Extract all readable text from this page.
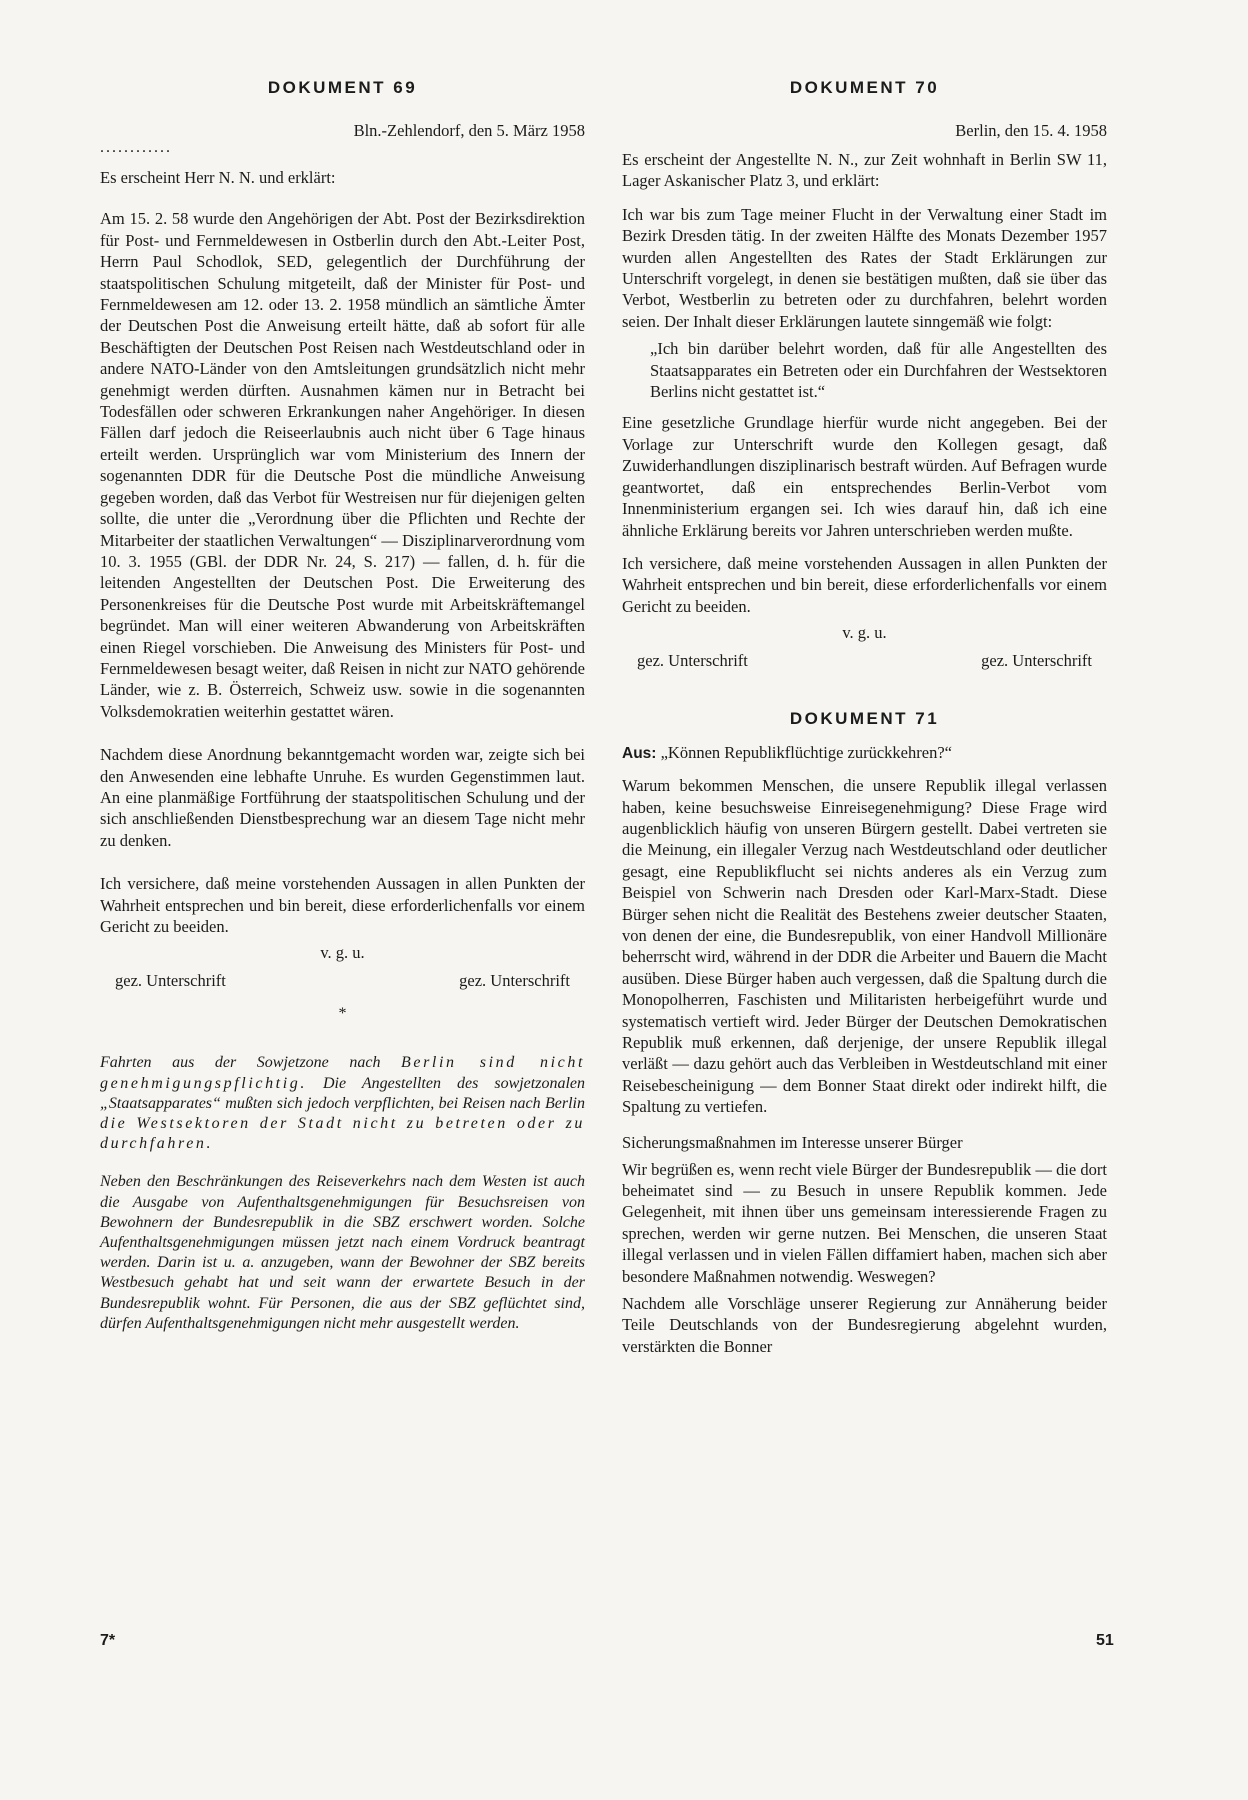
DOKUMENT 69

Bln.-Zehlendorf, den 5. März 1958

............

Es erscheint Herr N. N. und erklärt:

Am 15. 2. 58 wurde den Angehörigen der Abt. Post der Bezirksdirektion für Post- und Fernmeldewesen in Ostberlin durch den Abt.-Leiter Post, Herrn Paul Schodlok, SED, gelegentlich der Durchführung der staatspolitischen Schulung mitgeteilt, daß der Minister für Post- und Fernmeldewesen am 12. oder 13. 2. 1958 mündlich an sämtliche Ämter der Deutschen Post die Anweisung erteilt hätte, daß ab sofort für alle Beschäftigten der Deutschen Post Reisen nach Westdeutschland oder in andere NATO-Länder von den Amtsleitungen grundsätzlich nicht mehr genehmigt werden dürften. Ausnahmen kämen nur in Betracht bei Todesfällen oder schweren Erkrankungen naher Angehöriger. In diesen Fällen darf jedoch die Reiseerlaubnis auch nicht über 6 Tage hinaus erteilt werden. Ursprünglich war vom Ministerium des Innern der sogenannten DDR für die Deutsche Post die mündliche Anweisung gegeben worden, daß das Verbot für Westreisen nur für diejenigen gelten sollte, die unter die „Verordnung über die Pflichten und Rechte der Mitarbeiter der staatlichen Verwaltungen“ — Disziplinarverordnung vom 10. 3. 1955 (GBl. der DDR Nr. 24, S. 217) — fallen, d. h. für die leitenden Angestellten der Deutschen Post. Die Erweiterung des Personenkreises für die Deutsche Post wurde mit Arbeitskräftemangel begründet. Man will einer weiteren Abwanderung von Arbeitskräften einen Riegel vorschieben. Die Anweisung des Ministers für Post- und Fernmeldewesen besagt weiter, daß Reisen in nicht zur NATO gehörende Länder, wie z. B. Österreich, Schweiz usw. sowie in die sogenannten Volksdemokratien weiterhin gestattet wären.

Nachdem diese Anordnung bekanntgemacht worden war, zeigte sich bei den Anwesenden eine lebhafte Unruhe. Es wurden Gegenstimmen laut. An eine planmäßige Fortführung der staatspolitischen Schulung und der sich anschließenden Dienstbesprechung war an diesem Tage nicht mehr zu denken.

Ich versichere, daß meine vorstehenden Aussagen in allen Punkten der Wahrheit entsprechen und bin bereit, diese erforderlichenfalls vor einem Gericht zu beeiden.

v. g. u.
gez. Unterschrift	gez. Unterschrift
*

Fahrten aus der Sowjetzone nach Berlin sind nicht genehmigungspflichtig. Die Angestellten des sowjetzonalen „Staatsapparates“ mußten sich jedoch verpflichten, bei Reisen nach Berlin die Westsektoren der Stadt nicht zu betreten oder zu durchfahren.

Neben den Beschränkungen des Reiseverkehrs nach dem Westen ist auch die Ausgabe von Aufenthaltsgenehmigungen für Besuchsreisen von Bewohnern der Bundesrepublik in die SBZ erschwert worden. Solche Aufenthaltsgenehmigungen müssen jetzt nach einem Vordruck beantragt werden. Darin ist u. a. anzugeben, wann der Bewohner der SBZ bereits Westbesuch gehabt hat und seit wann der erwartete Besuch in der Bundesrepublik wohnt. Für Personen, die aus der SBZ geflüchtet sind, dürfen Aufenthaltsgenehmigungen nicht mehr ausgestellt werden.

DOKUMENT 70

Berlin, den 15. 4. 1958

Es erscheint der Angestellte N. N., zur Zeit wohnhaft in Berlin SW 11, Lager Askanischer Platz 3, und erklärt:

Ich war bis zum Tage meiner Flucht in der Verwaltung einer Stadt im Bezirk Dresden tätig. In der zweiten Hälfte des Monats Dezember 1957 wurden allen Angestellten des Rates der Stadt Erklärungen zur Unterschrift vorgelegt, in denen sie bestätigen mußten, daß sie über das Verbot, Westberlin zu betreten oder zu durchfahren, belehrt worden seien. Der Inhalt dieser Erklärungen lautete sinngemäß wie folgt:

„Ich bin darüber belehrt worden, daß für alle Angestellten des Staatsapparates ein Betreten oder ein Durchfahren der Westsektoren Berlins nicht gestattet ist.“

Eine gesetzliche Grundlage hierfür wurde nicht angegeben. Bei der Vorlage zur Unterschrift wurde den Kollegen gesagt, daß Zuwiderhandlungen disziplinarisch bestraft würden. Auf Befragen wurde geantwortet, daß ein entsprechendes Berlin-Verbot vom Innenministerium ergangen sei. Ich wies darauf hin, daß ich eine ähnliche Erklärung bereits vor Jahren unterschrieben werden mußte.

Ich versichere, daß meine vorstehenden Aussagen in allen Punkten der Wahrheit entsprechen und bin bereit, diese erforderlichenfalls vor einem Gericht zu beeiden.

v. g. u.
gez. Unterschrift	gez. Unterschrift
DOKUMENT 71
Aus: „Können Republikflüchtige zurückkehren?“

Warum bekommen Menschen, die unsere Republik illegal verlassen haben, keine besuchsweise Einreisegenehmigung? Diese Frage wird augenblicklich häufig von unseren Bürgern gestellt. Dabei vertreten sie die Meinung, ein illegaler Verzug nach Westdeutschland oder deutlicher gesagt, eine Republikflucht sei nichts anderes als ein Verzug zum Beispiel von Schwerin nach Dresden oder Karl-Marx-Stadt. Diese Bürger sehen nicht die Realität des Bestehens zweier deutscher Staaten, von denen der eine, die Bundesrepublik, von einer Handvoll Millionäre beherrscht wird, während in der DDR die Arbeiter und Bauern die Macht ausüben. Diese Bürger haben auch vergessen, daß die Spaltung durch die Monopolherren, Faschisten und Militaristen herbeigeführt wurde und systematisch vertieft wird. Jeder Bürger der Deutschen Demokratischen Republik muß erkennen, daß derjenige, der unsere Republik illegal verläßt — dazu gehört auch das Verbleiben in Westdeutschland mit einer Reisebescheinigung — dem Bonner Staat direkt oder indirekt hilft, die Spaltung zu vertiefen.

Sicherungsmaßnahmen im Interesse unserer Bürger

Wir begrüßen es, wenn recht viele Bürger der Bundesrepublik — die dort beheimatet sind — zu Besuch in unsere Republik kommen. Jede Gelegenheit, mit ihnen über uns gemeinsam interessierende Fragen zu sprechen, werden wir gerne nutzen. Bei Menschen, die unseren Staat illegal verlassen und in vielen Fällen diffamiert haben, machen sich aber besondere Maßnahmen notwendig. Weswegen?

Nachdem alle Vorschläge unserer Regierung zur Annäherung beider Teile Deutschlands von der Bundesregierung abgelehnt wurden, verstärkten die Bonner

7*	51
